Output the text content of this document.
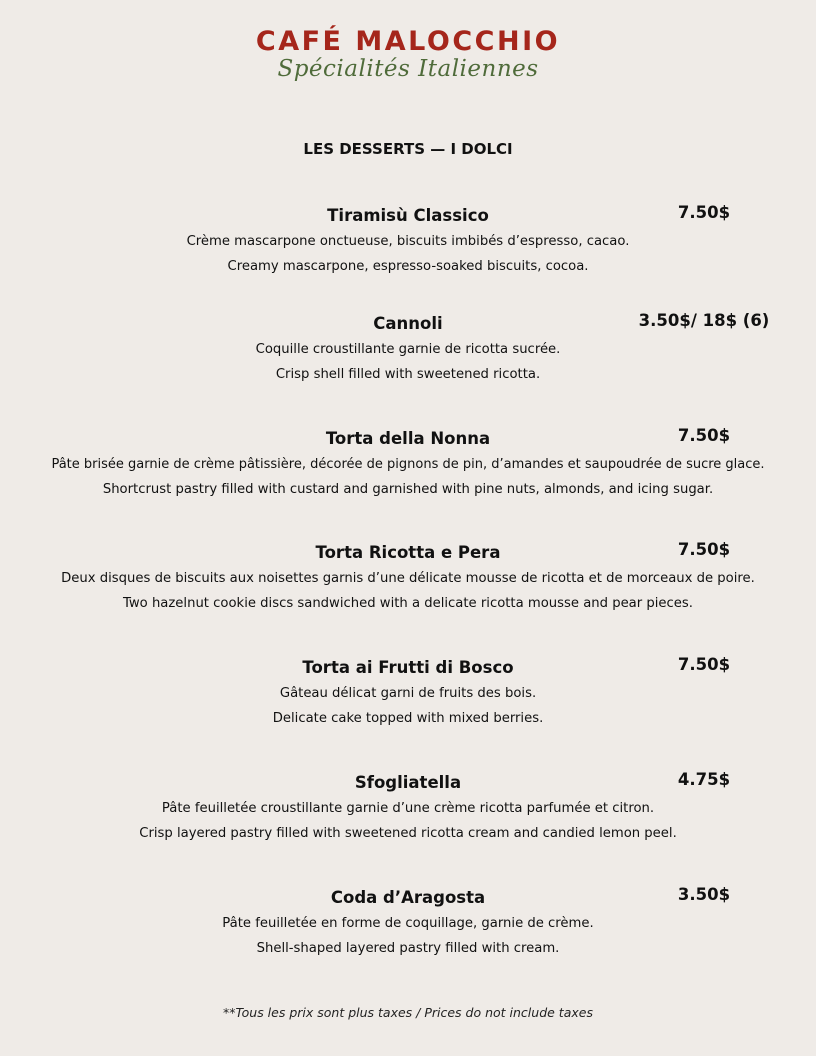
CAFÉ MALOCCHIO
Spécialités Italiennes
LES DESSERTS — I DOLCI
Tiramisù Classico	7.50$
Crème mascarpone onctueuse, biscuits imbibés d’espresso, cacao.
Creamy mascarpone, espresso-soaked biscuits, cocoa.
Cannoli	3.50$/ 18$ (6)
Coquille croustillante garnie de ricotta sucrée.
Crisp shell filled with sweetened ricotta.
Torta della Nonna	7.50$
Pâte brisée garnie de crème pâtissière, décorée de pignons de pin, d’amandes et saupoudrée de sucre glace.
Shortcrust pastry filled with custard and garnished with pine nuts, almonds, and icing sugar.
Torta Ricotta e Pera	7.50$
Deux disques de biscuits aux noisettes garnis d’une délicate mousse de ricotta et de morceaux de poire.
Two hazelnut cookie discs sandwiched with a delicate ricotta mousse and pear pieces.
Torta ai Frutti di Bosco	7.50$
Gâteau délicat garni de fruits des bois.
Delicate cake topped with mixed berries.
Sfogliatella	4.75$
Pâte feuilletée croustillante garnie d’une crème ricotta parfumée et citron.
Crisp layered pastry filled with sweetened ricotta cream and candied lemon peel.
Coda d’Aragosta	3.50$
Pâte feuilletée en forme de coquillage, garnie de crème.
Shell-shaped layered pastry filled with cream.
**Tous les prix sont plus taxes / Prices do not include taxes
